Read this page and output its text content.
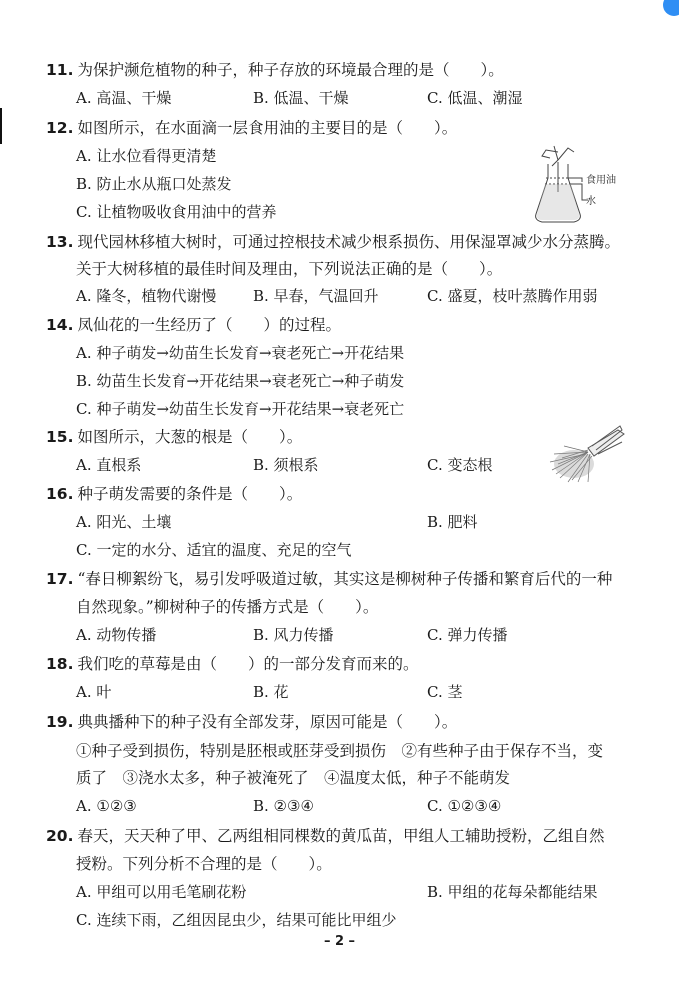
11. 为保护濒危植物的种子，种子存放的环境最合理的是（　　）。
A. 高温、干燥	B. 低温、干燥	C. 低温、潮湿
12. 如图所示，在水面滴一层食用油的主要目的是（　　）。
A. 让水位看得更清楚
B. 防止水从瓶口处蒸发
C. 让植物吸收食用油中的营养
食用油
水
13. 现代园林移植大树时，可通过控根技术减少根系损伤、用保湿罩减少水分蒸腾。
关于大树移植的最佳时间及理由，下列说法正确的是（　　）。
A. 隆冬，植物代谢慢 B. 早春，气温回升	C. 盛夏，枝叶蒸腾作用弱
14. 凤仙花的一生经历了（　　）的过程。
A. 种子萌发→幼苗生长发育→衰老死亡→开花结果
B. 幼苗生长发育→开花结果→衰老死亡→种子萌发
C. 种子萌发→幼苗生长发育→开花结果→衰老死亡
15. 如图所示，大葱的根是（　　）。
A. 直根系	B. 须根系	C. 变态根
16. 种子萌发需要的条件是（　　）。
A. 阳光、土壤	B. 肥料
C. 一定的水分、适宜的温度、充足的空气
17. “春日柳絮纷飞，易引发呼吸道过敏，其实这是柳树种子传播和繁育后代的一种
自然现象。”柳树种子的传播方式是（　　）。
A. 动物传播	B. 风力传播	C. 弹力传播
18. 我们吃的草莓是由（　　）的一部分发育而来的。
A. 叶	B. 花	C. 茎
19. 典典播种下的种子没有全部发芽，原因可能是（　　）。
①种子受到损伤，特别是胚根或胚芽受到损伤　②有些种子由于保存不当，变
质了　③浇水太多，种子被淹死了　④温度太低，种子不能萌发
A. ①②③	B. ②③④	C. ①②③④
20. 春天，天天种了甲、乙两组相同棵数的黄瓜苗，甲组人工辅助授粉，乙组自然
授粉。下列分析不合理的是（　　）。
A. 甲组可以用毛笔刷花粉	B. 甲组的花每朵都能结果
C. 连续下雨，乙组因昆虫少，结果可能比甲组少
– 2 –
